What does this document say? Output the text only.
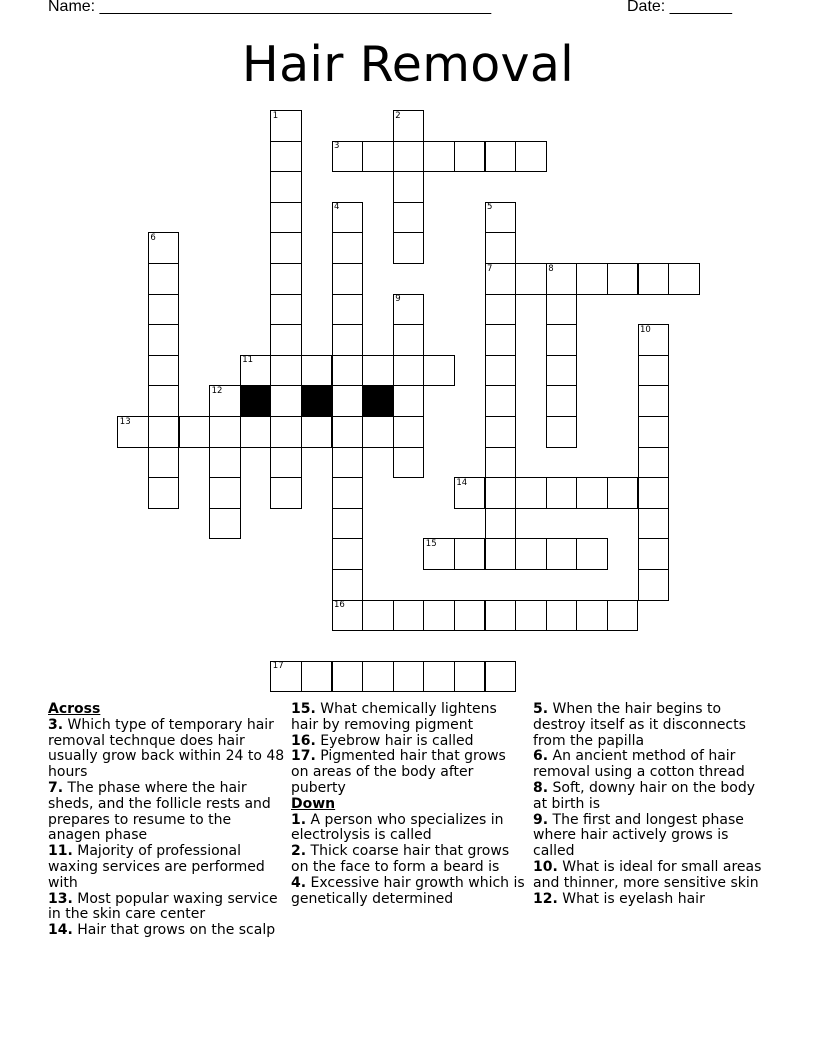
Name: ____________________________________________	Date: _______
Hair Removal
1	2
3
4	5
6
7	8
9
10
11
12
13
14
15
16
17
Across
3. Which type of temporary hair removal technque does hair usually grow back within 24 to 48 hours
7. The phase where the hair sheds, and the follicle rests and prepares to resume to the anagen phase
11. Majority of professional waxing services are performed with
13. Most popular waxing service in the skin care center
14. Hair that grows on the scalp
15. What chemically lightens hair by removing pigment
16. Eyebrow hair is called
17. Pigmented hair that grows on areas of the body after puberty
Down
1. A person who specializes in electrolysis is called
2. Thick coarse hair that grows on the face to form a beard is
4. Excessive hair growth which is genetically determined
5. When the hair begins to destroy itself as it disconnects from the papilla
6. An ancient method of hair removal using a cotton thread
8. Soft, downy hair on the body at birth is
9. The first and longest phase where hair actively grows is called
10. What is ideal for small areas and thinner, more sensitive skin
12. What is eyelash hair
